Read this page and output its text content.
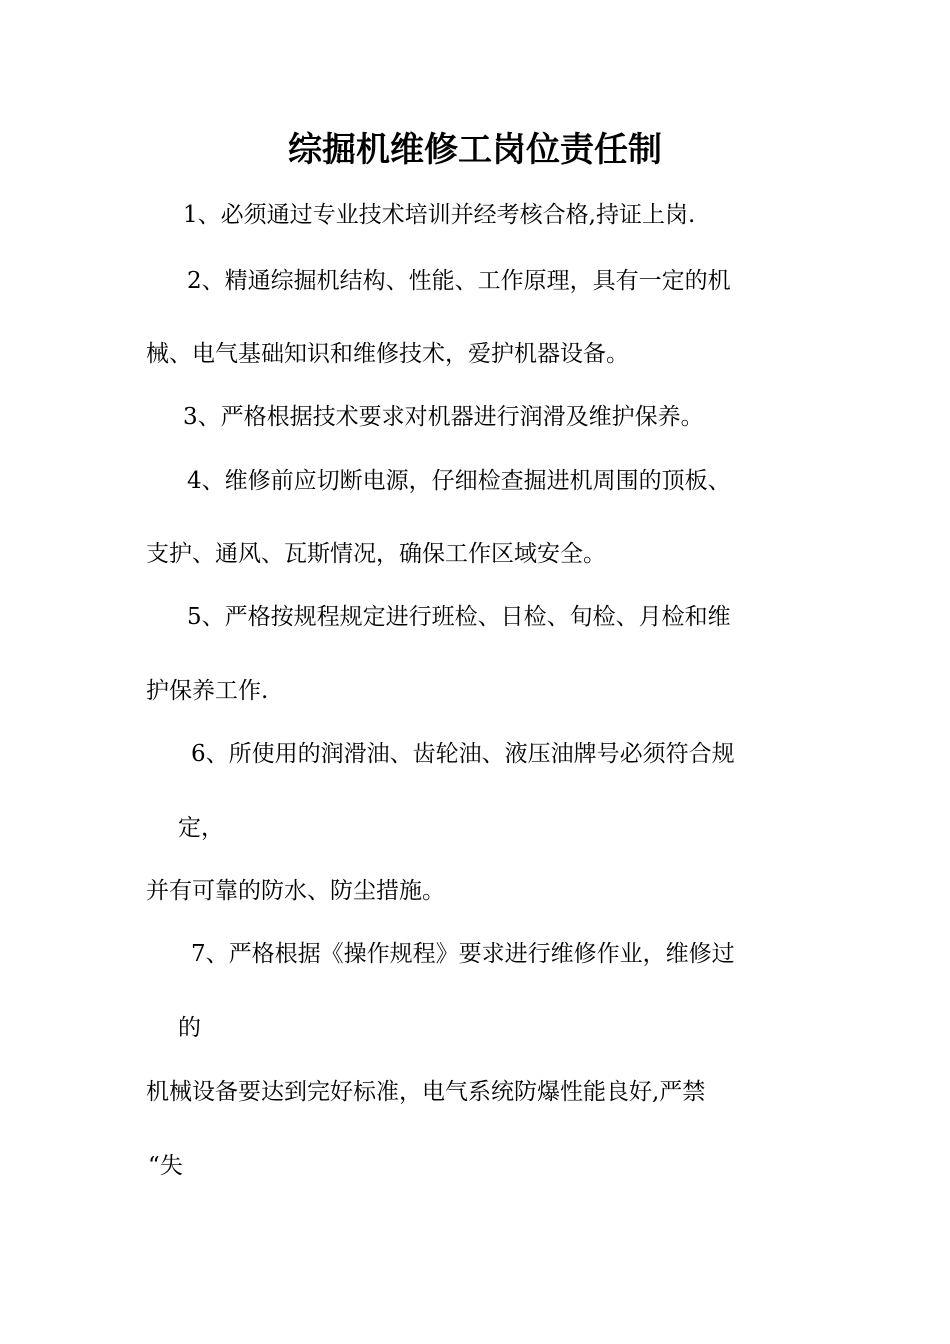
综掘机维修工岗位责任制
1、必须通过专业技术培训并经考核合格,持证上岗.
2、精通综掘机结构、性能、工作原理，具有一定的机
械、电气基础知识和维修技术，爱护机器设备。
3、严格根据技术要求对机器进行润滑及维护保养。
4、维修前应切断电源，仔细检查掘进机周围的顶板、
支护、通风、瓦斯情况，确保工作区域安全。
5、严格按规程规定进行班检、日检、旬检、月检和维
护保养工作.
6、所使用的润滑油、齿轮油、液压油牌号必须符合规
定，
并有可靠的防水、防尘措施。
7、严格根据《操作规程》要求进行维修作业，维修过
的
机械设备要达到完好标准，电气系统防爆性能良好,严禁
“失
